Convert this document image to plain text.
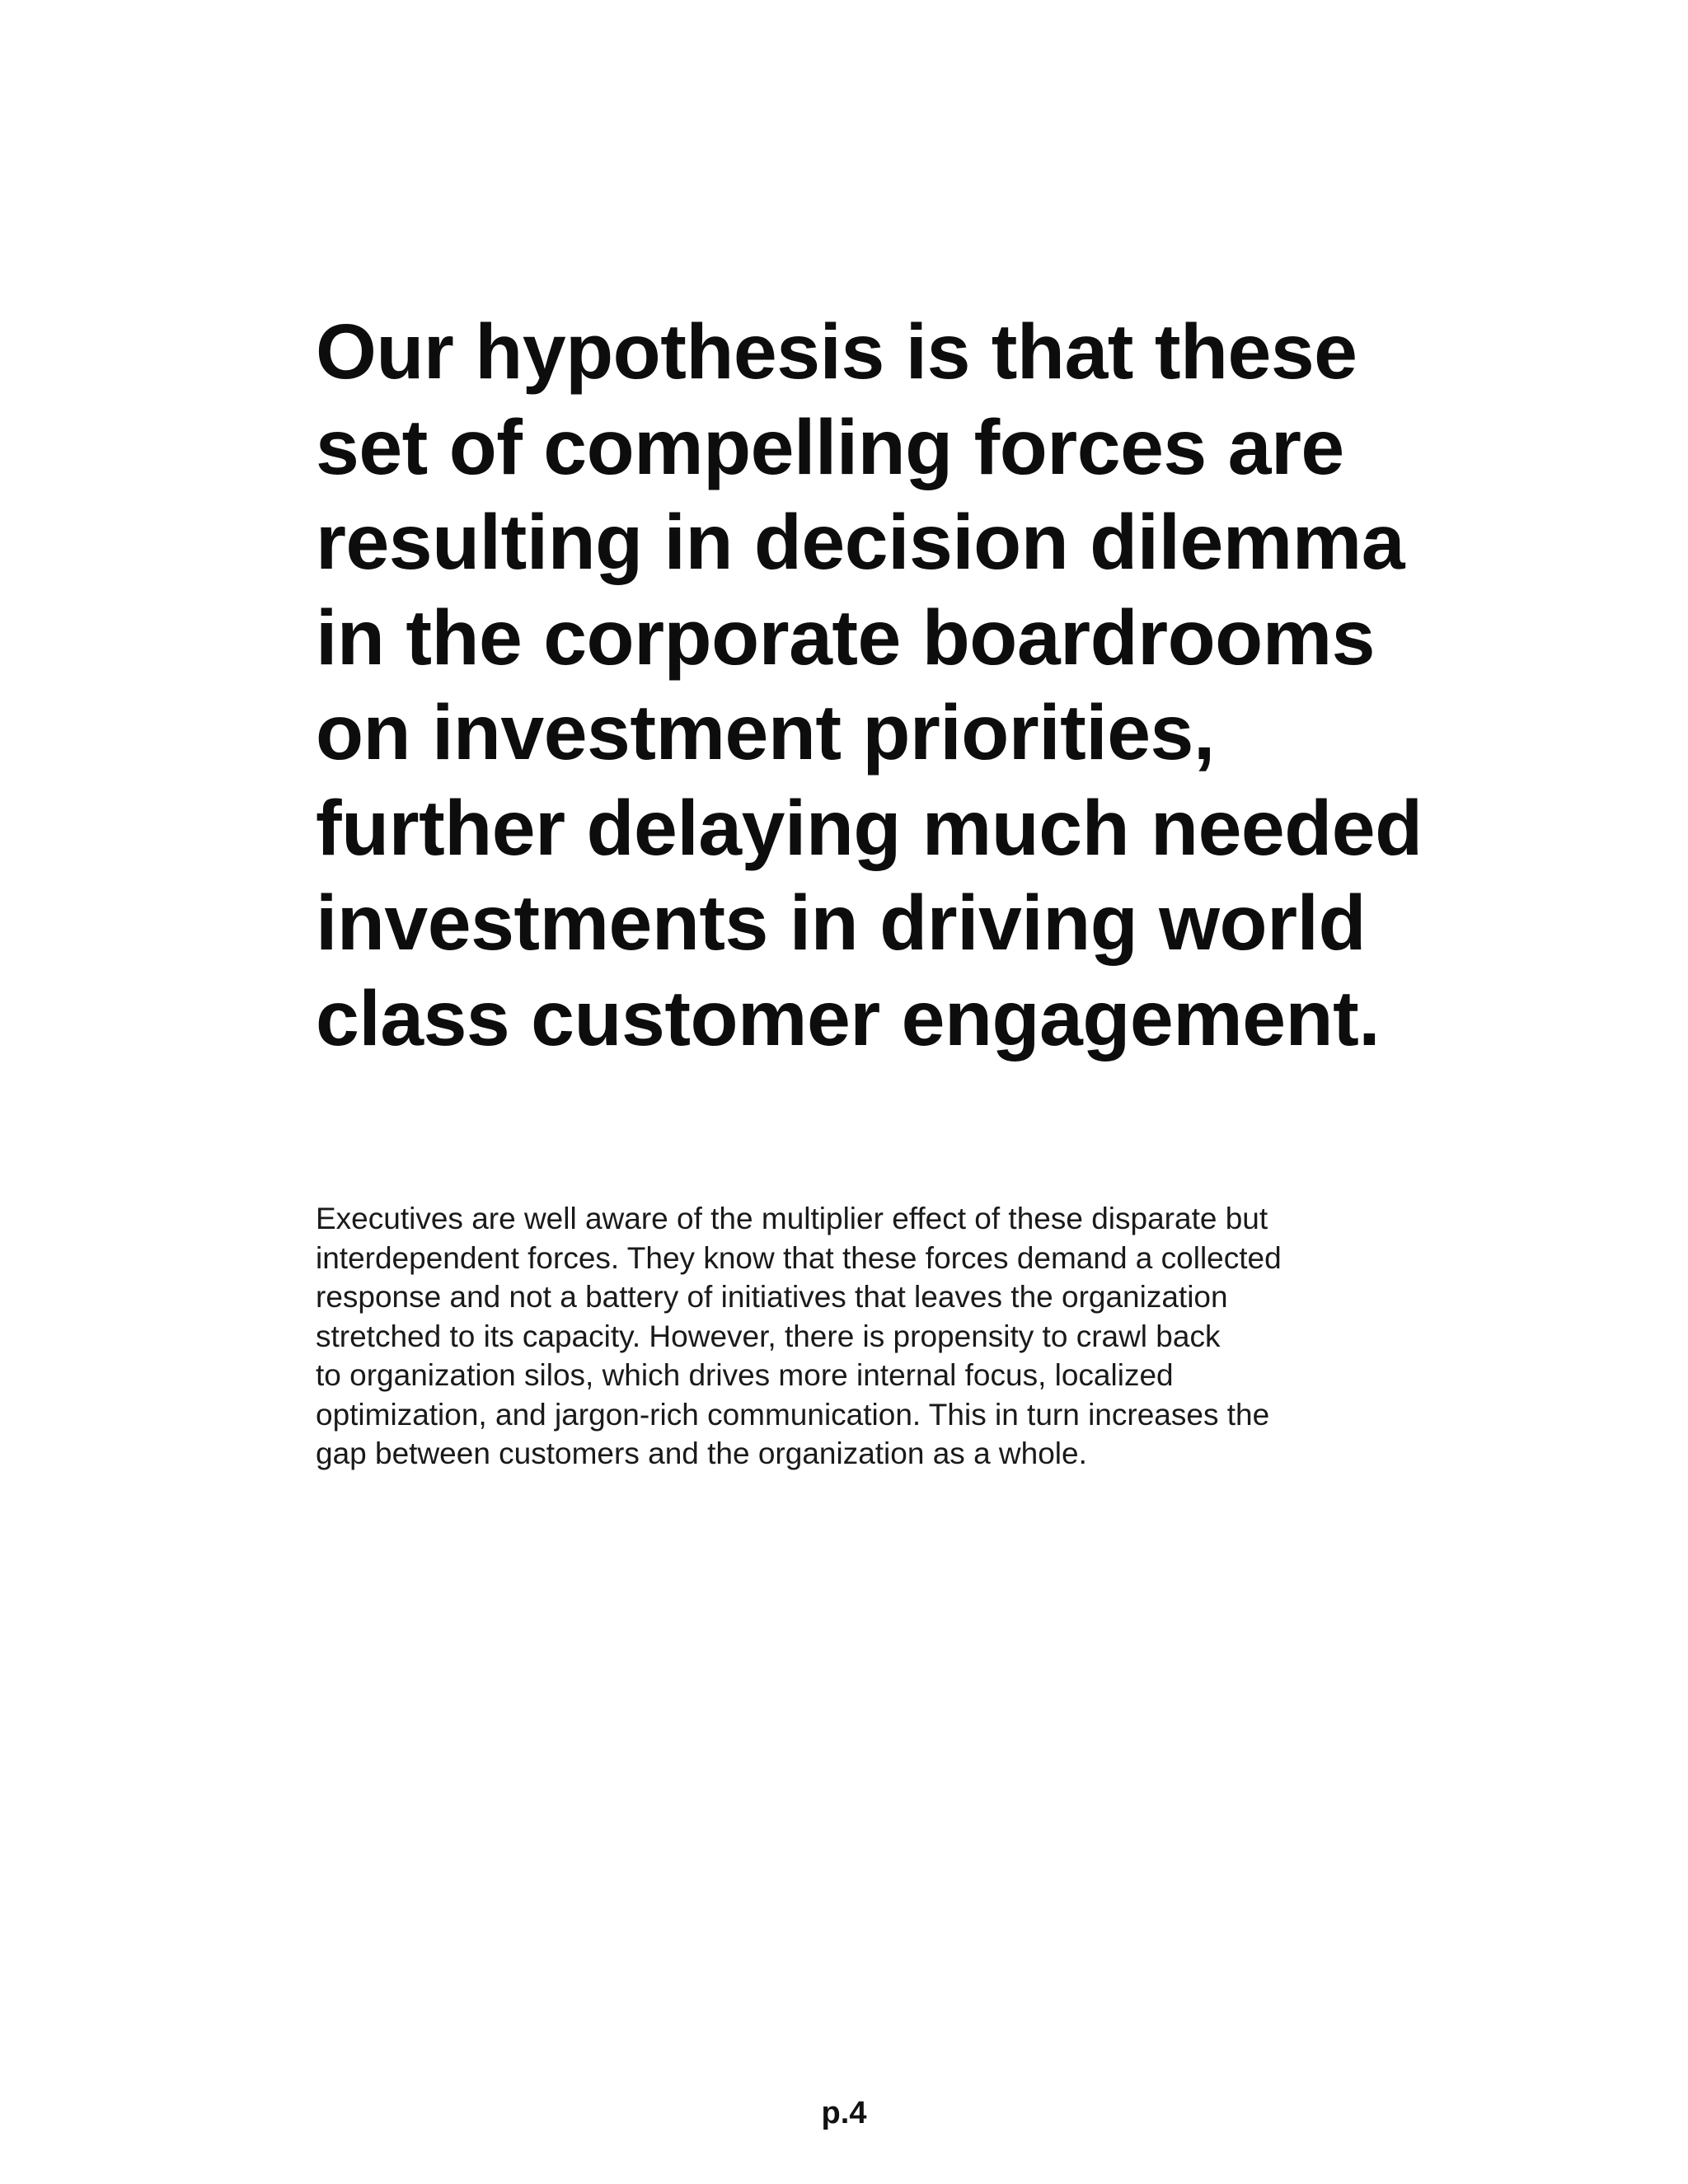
Our hypothesis is that these
set of compelling forces are
resulting in decision dilemma
in the corporate boardrooms
on investment priorities,
further delaying much needed
investments in driving world
class customer engagement.

Executives are well aware of the multiplier effect of these disparate but
interdependent forces. They know that these forces demand a collected
response and not a battery of initiatives that leaves the organization
stretched to its capacity. However, there is propensity to crawl back
to organization silos, which drives more internal focus, localized
optimization, and jargon-rich communication. This in turn increases the
gap between customers and the organization as a whole.

p.4
